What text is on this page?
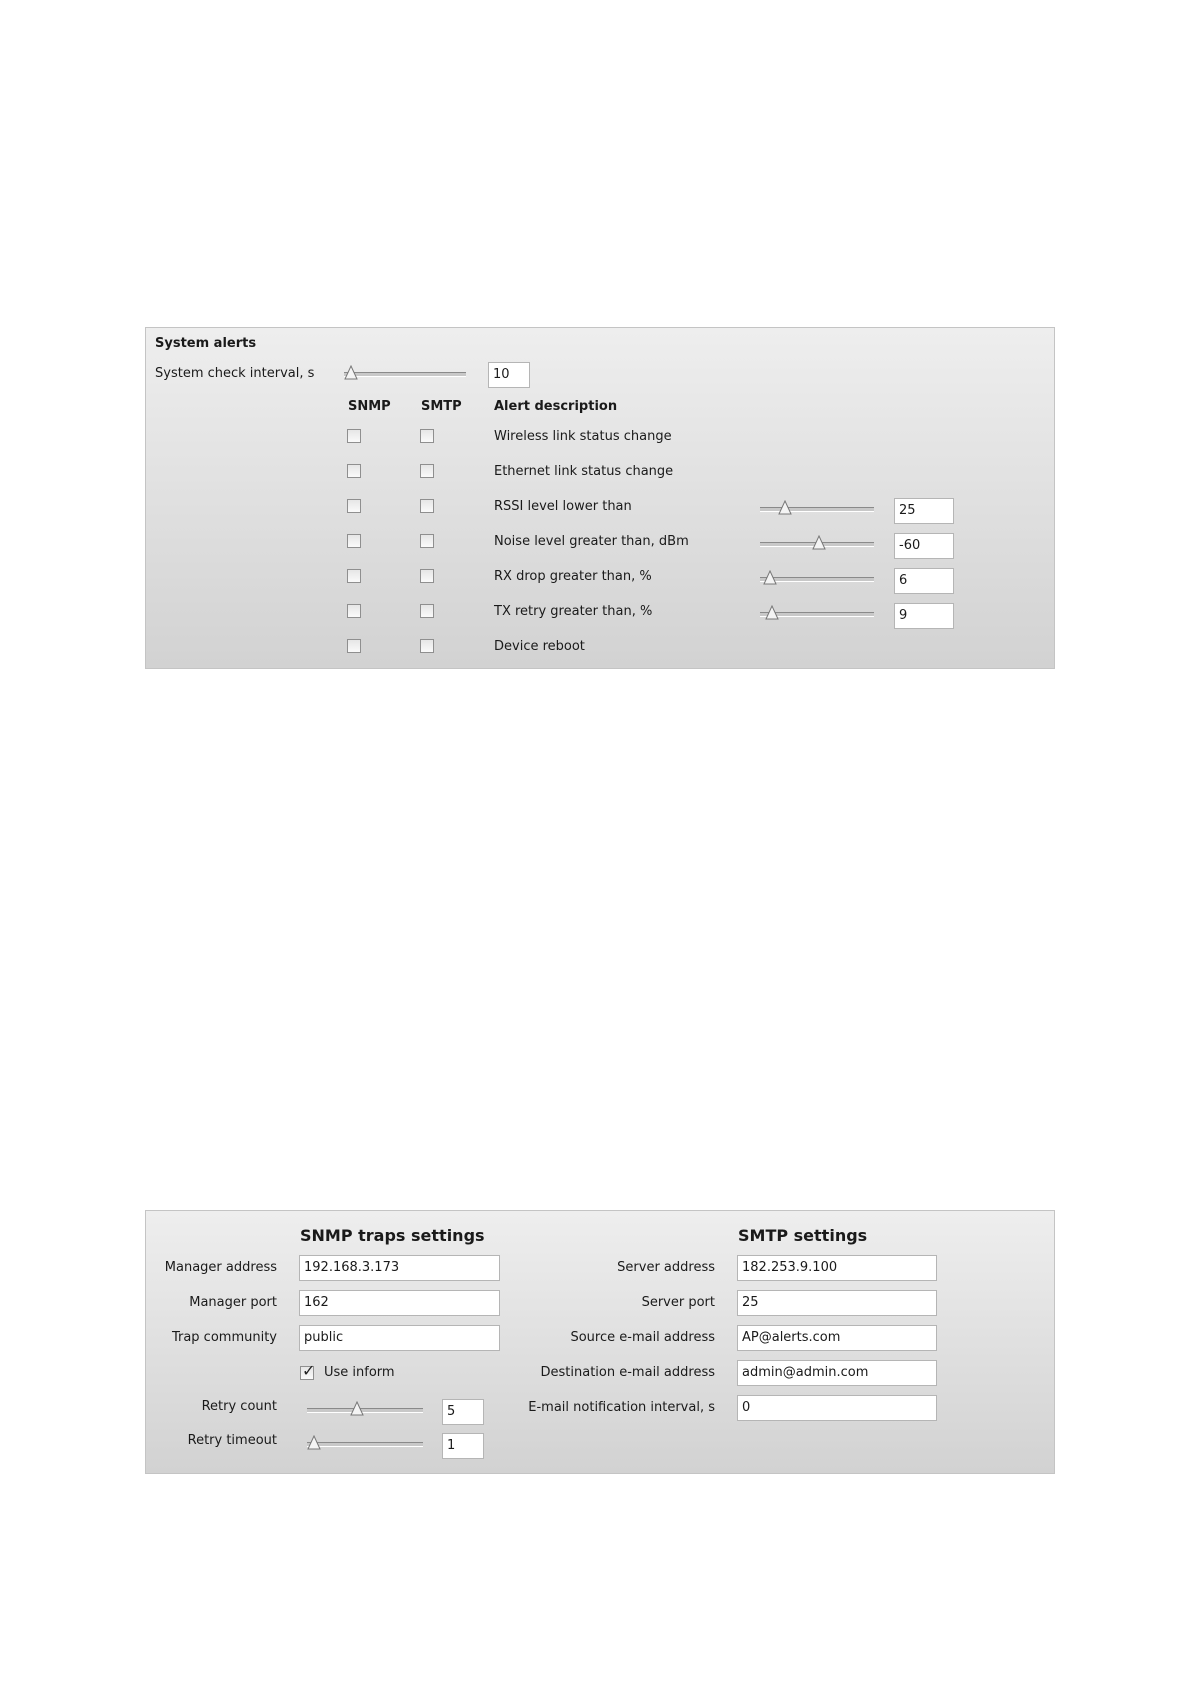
System alerts
System check interval, s	10
SNMP SMTP Alert description
Wireless link status change
Ethernet link status change
RSSI level lower than	25
Noise level greater than, dBm	-60
RX drop greater than, %	6
TX retry greater than, %	9
Device reboot
SNMP traps settings
Manager address	192.168.3.173
Manager port	162
Trap community	public
✓ Use inform
Retry count	5
Retry timeout	1
SMTP settings
Server address	182.253.9.100
Server port	25
Source e-mail address	AP@alerts.com
Destination e-mail address	admin@admin.com
E-mail notification interval, s	0
